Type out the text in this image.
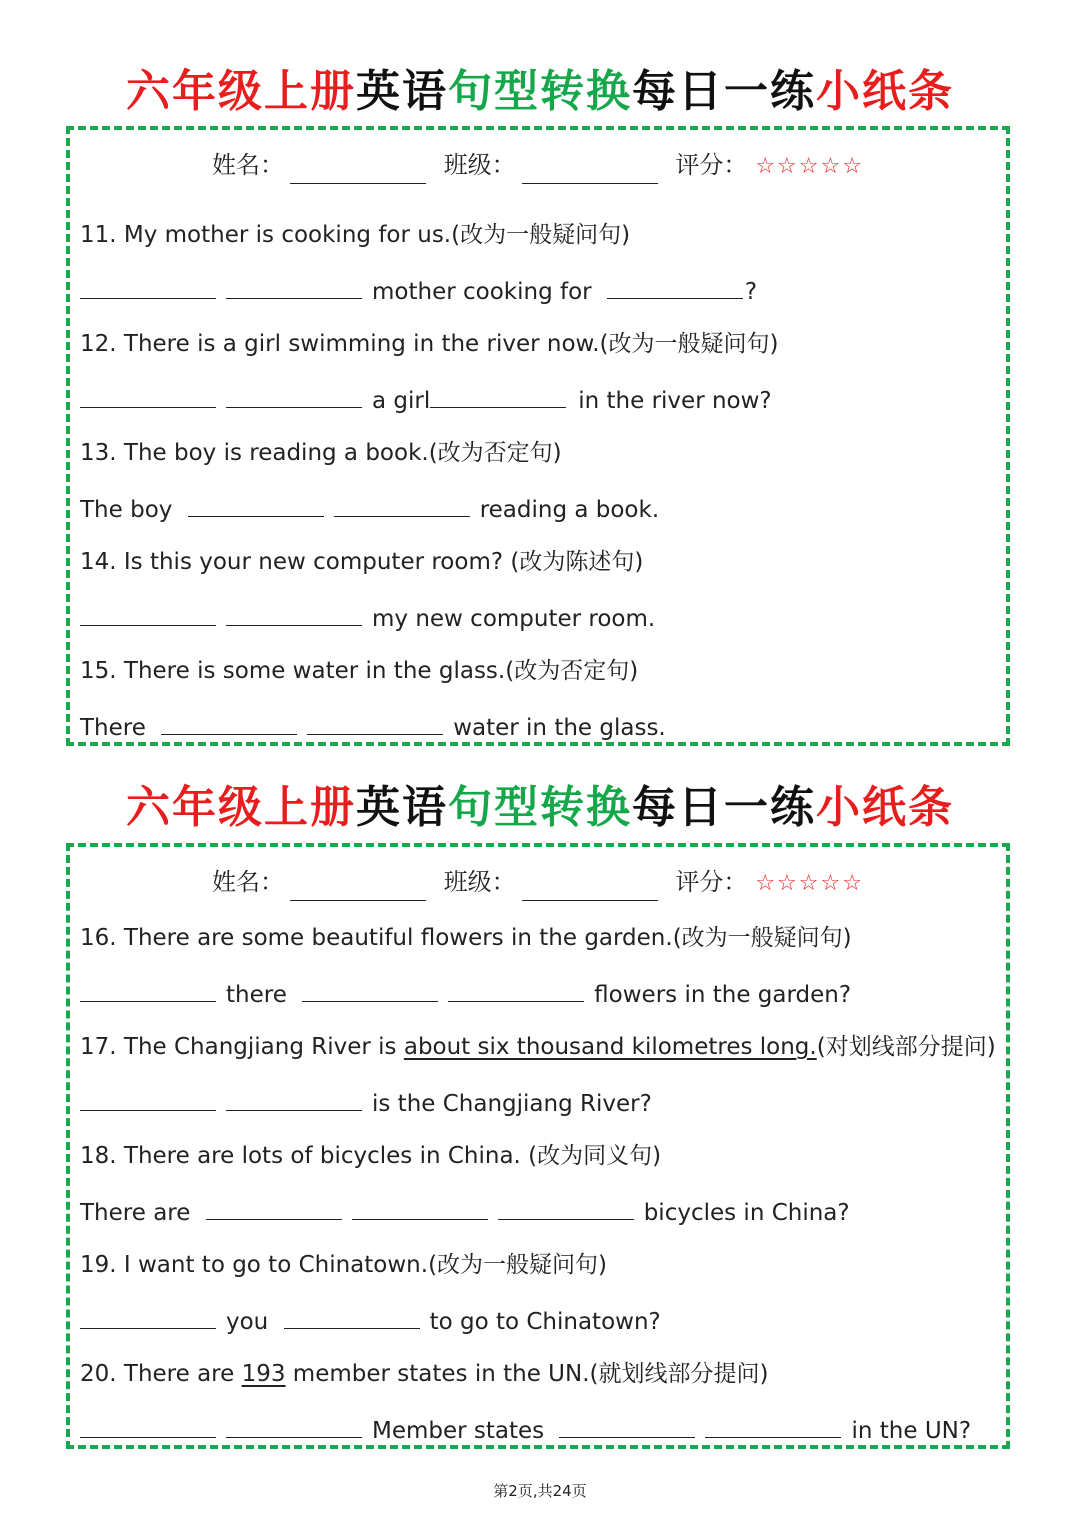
六年级上册英语句型转换每日一练小纸条
姓名：	班级：	评分： ☆☆☆☆☆
11. My mother is cooking for us.(改为一般疑问句)
mother cooking for	?
12. There is a girl swimming in the river now.(改为一般疑问句)
a girl	in the river now?
13. The boy is reading a book.(改为否定句)
The boy	reading a book.
14. Is this your new computer room? (改为陈述句)
my new computer room.
15. There is some water in the glass.(改为否定句)
There	water in the glass.
六年级上册英语句型转换每日一练小纸条
姓名：	班级：	评分： ☆☆☆☆☆
16. There are some beautiful flowers in the garden.(改为一般疑问句)
there	flowers in the garden?
17. The Changjiang River is about six thousand kilometres long.(对划线部分提问)
is the Changjiang River?
18. There are lots of bicycles in China. (改为同义句)
There are	bicycles in China?
19. I want to go to Chinatown.(改为一般疑问句)
you	to go to Chinatown?
20. There are 193 member states in the UN.(就划线部分提问)
Member states	in the UN?
第2页,共24页
